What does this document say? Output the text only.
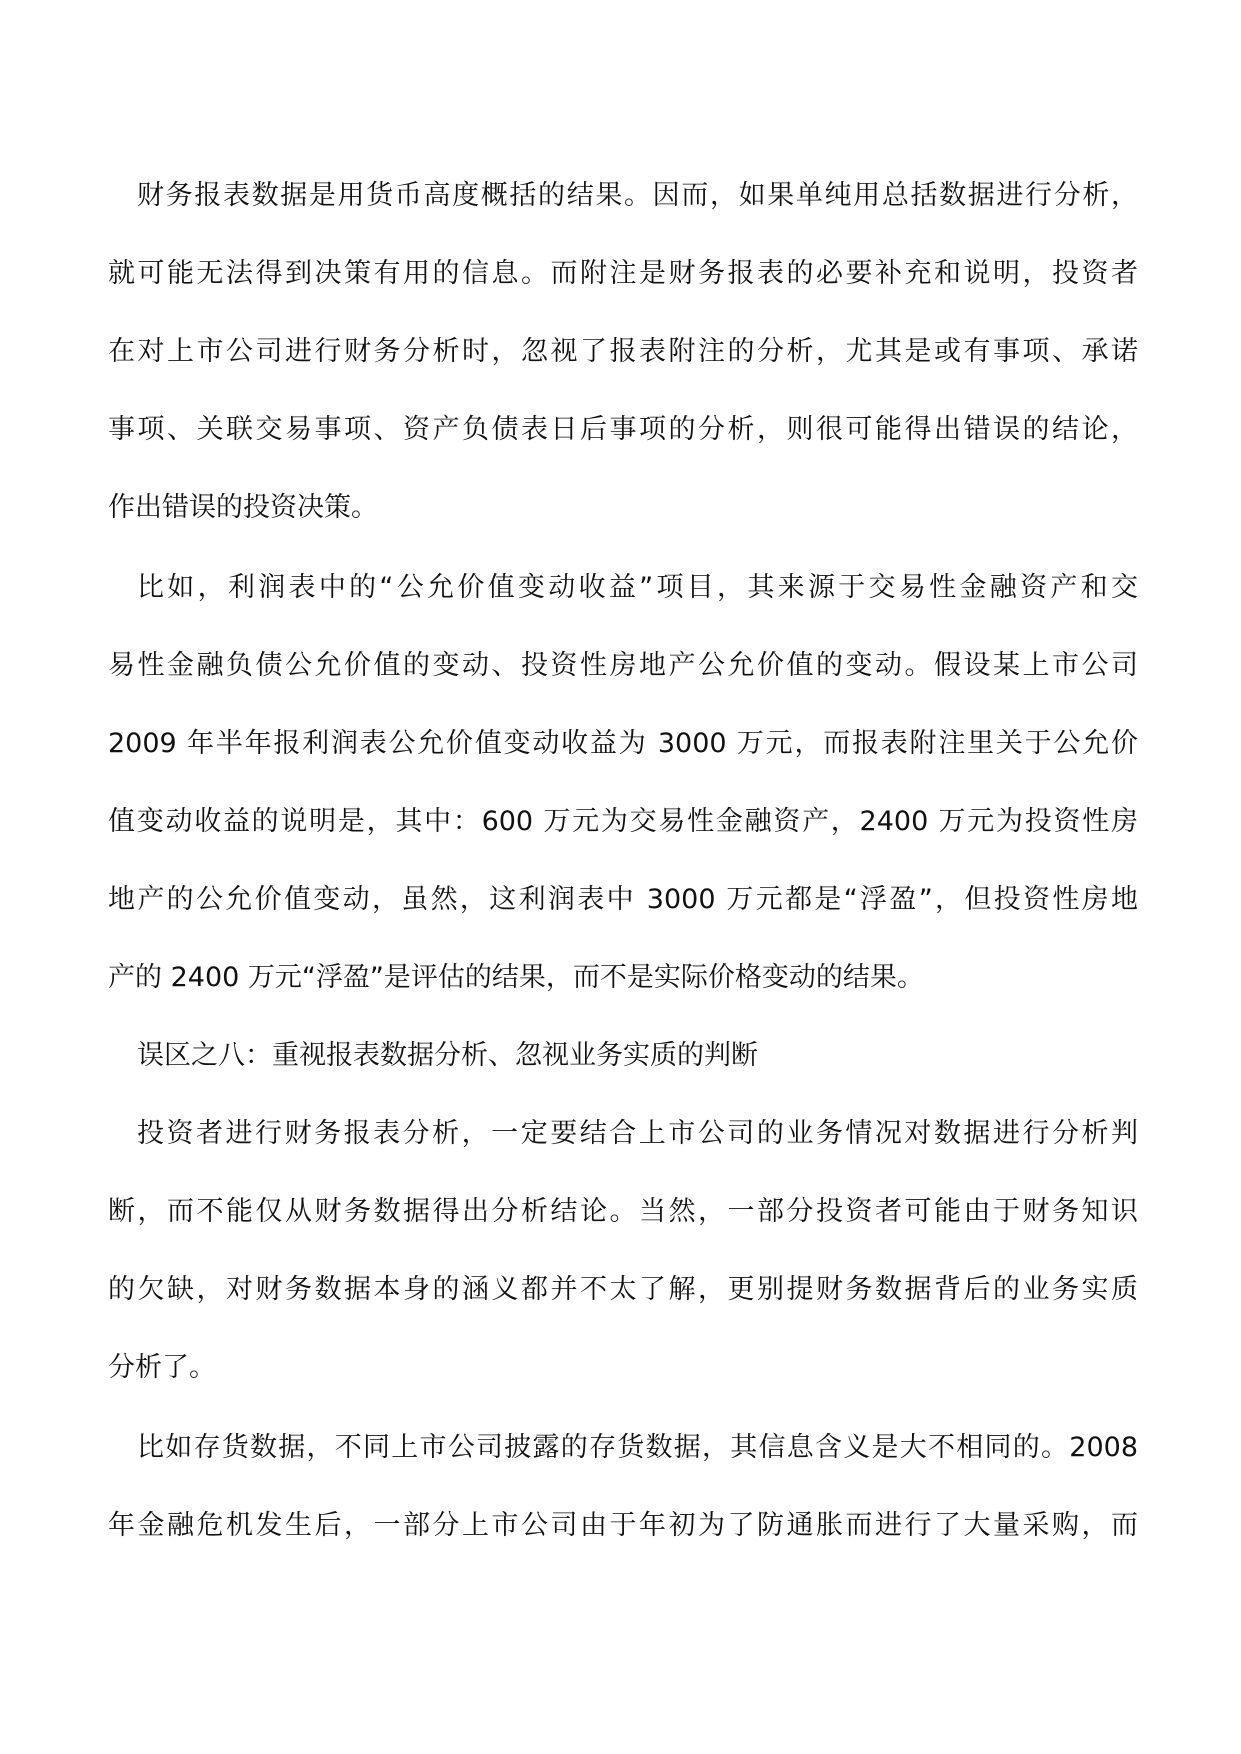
财务报表数据是用货币高度概括的结果。因而，如果单纯用总括数据进行分析，
就可能无法得到决策有用的信息。而附注是财务报表的必要补充和说明，投资者
在对上市公司进行财务分析时，忽视了报表附注的分析，尤其是或有事项、承诺
事项、关联交易事项、资产负债表日后事项的分析，则很可能得出错误的结论，
作出错误的投资决策。
比如，利润表中的“公允价值变动收益”项目，其来源于交易性金融资产和交
易性金融负债公允价值的变动、投资性房地产公允价值的变动。假设某上市公司
2009 年半年报利润表公允价值变动收益为 3000 万元，而报表附注里关于公允价
值变动收益的说明是，其中：600 万元为交易性金融资产，2400 万元为投资性房
地产的公允价值变动，虽然，这利润表中 3000 万元都是“浮盈”，但投资性房地
产的 2400 万元“浮盈”是评估的结果，而不是实际价格变动的结果。
误区之八：重视报表数据分析、忽视业务实质的判断
投资者进行财务报表分析，一定要结合上市公司的业务情况对数据进行分析判
断，而不能仅从财务数据得出分析结论。当然，一部分投资者可能由于财务知识
的欠缺，对财务数据本身的涵义都并不太了解，更别提财务数据背后的业务实质
分析了。
比如存货数据，不同上市公司披露的存货数据，其信息含义是大不相同的。2008
年金融危机发生后，一部分上市公司由于年初为了防通胀而进行了大量采购，而
